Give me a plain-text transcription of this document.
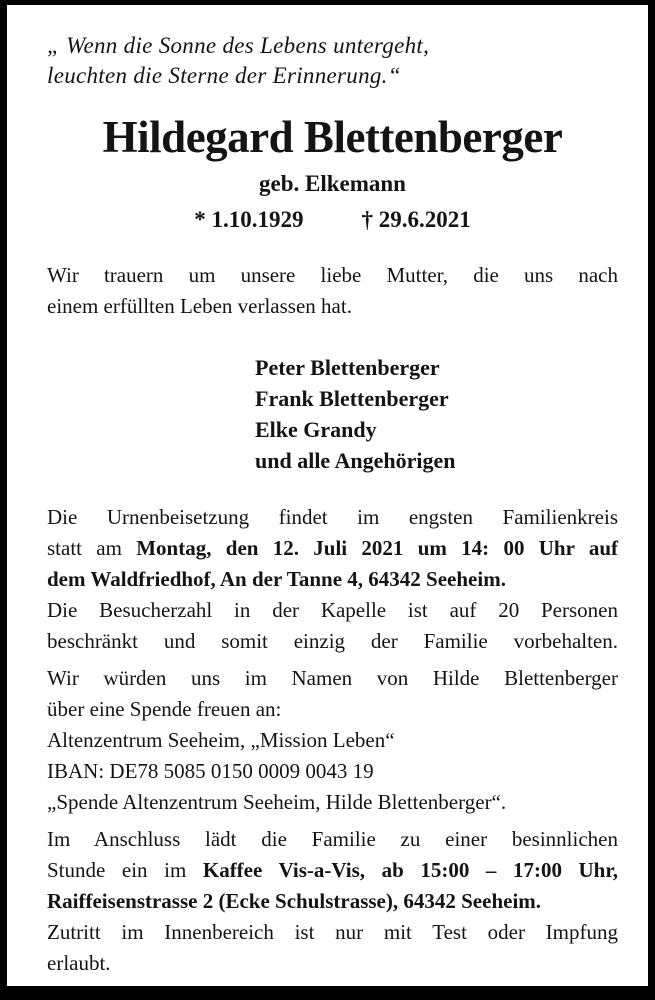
„ Wenn die Sonne des Lebens untergeht,
leuchten die Sterne der Erinnerung.“
Hildegard Blettenberger
geb. Elkemann
* 1.10.1929	† 29.6.2021
Wir trauern um unsere liebe Mutter, die uns nach
einem erfüllten Leben verlassen hat.
Peter Blettenberger
Frank Blettenberger
Elke Grandy
und alle Angehörigen
Die Urnenbeisetzung findet im engsten Familienkreis
statt am Montag, den 12. Juli 2021 um 14: 00 Uhr auf
dem Waldfriedhof, An der Tanne 4, 64342 Seeheim.
Die Besucherzahl in der Kapelle ist auf 20 Personen
beschränkt und somit einzig der Familie vorbehalten.
Wir würden uns im Namen von Hilde Blettenberger
über eine Spende freuen an:
Altenzentrum Seeheim, „Mission Leben“
IBAN: DE78 5085 0150 0009 0043 19
„Spende Altenzentrum Seeheim, Hilde Blettenberger“.
Im Anschluss lädt die Familie zu einer besinnlichen
Stunde ein im Kaffee Vis-a-Vis, ab 15:00 – 17:00 Uhr,
Raiffeisenstrasse 2 (Ecke Schulstrasse), 64342 Seeheim.
Zutritt im Innenbereich ist nur mit Test oder Impfung
erlaubt.
